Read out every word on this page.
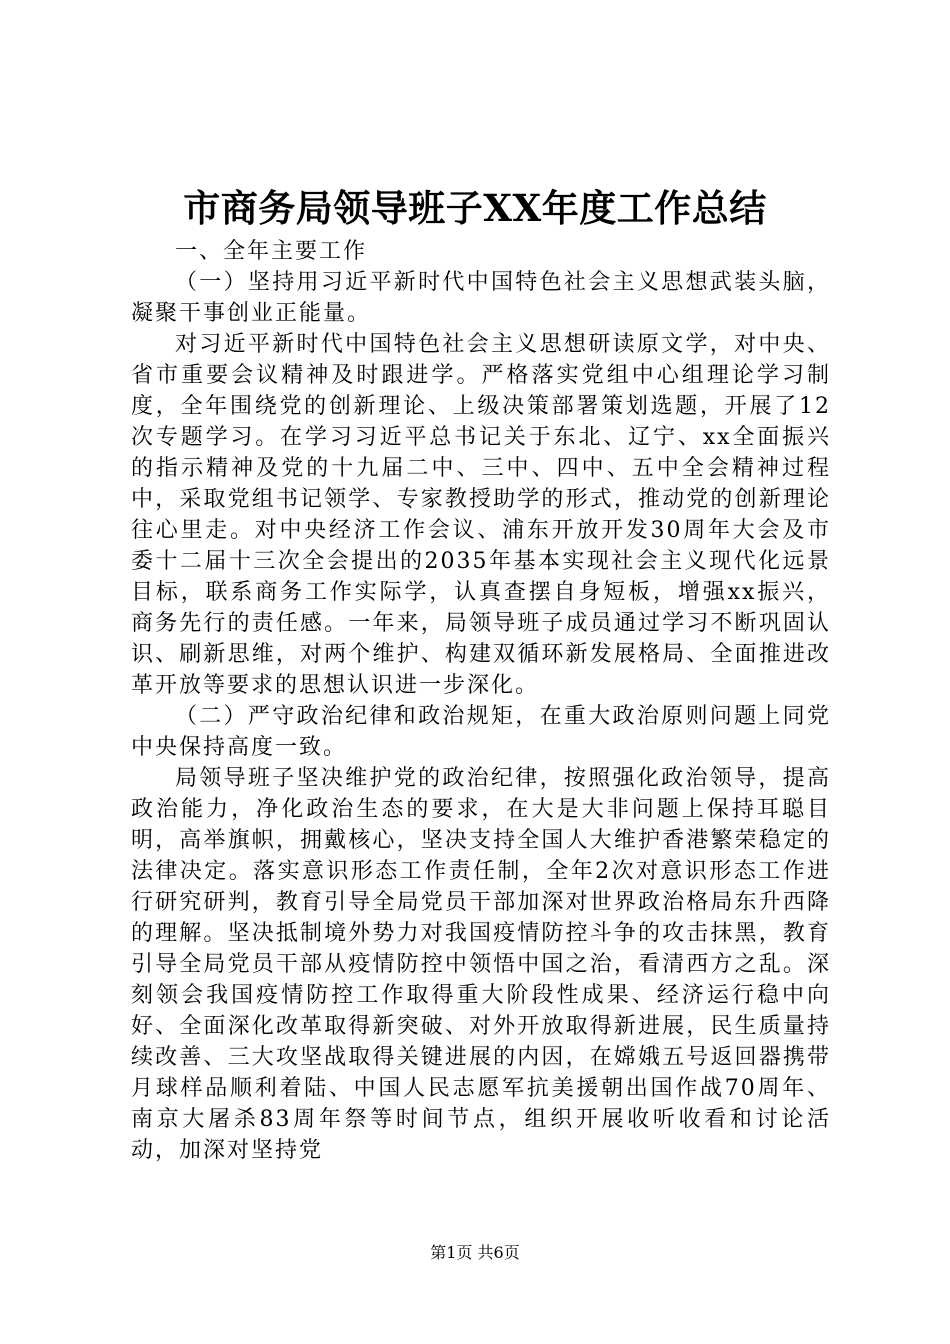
市商务局领导班子XX年度工作总结

一、全年主要工作

（一）坚持用习近平新时代中国特色社会主义思想武装头脑，凝聚干事创业正能量。

对习近平新时代中国特色社会主义思想研读原文学，对中央、省市重要会议精神及时跟进学。严格落实党组中心组理论学习制度，全年围绕党的创新理论、上级决策部署策划选题，开展了12次专题学习。在学习习近平总书记关于东北、辽宁、xx全面振兴的指示精神及党的十九届二中、三中、四中、五中全会精神过程中，采取党组书记领学、专家教授助学的形式，推动党的创新理论往心里走。对中央经济工作会议、浦东开放开发30周年大会及市委十二届十三次全会提出的2035年基本实现社会主义现代化远景目标，联系商务工作实际学，认真查摆自身短板，增强xx振兴，商务先行的责任感。一年来，局领导班子成员通过学习不断巩固认识、刷新思维，对两个维护、构建双循环新发展格局、全面推进改革开放等要求的思想认识进一步深化。

（二）严守政治纪律和政治规矩，在重大政治原则问题上同党中央保持高度一致。

局领导班子坚决维护党的政治纪律，按照强化政治领导，提高政治能力，净化政治生态的要求，在大是大非问题上保持耳聪目明，高举旗帜，拥戴核心，坚决支持全国人大维护香港繁荣稳定的法律决定。落实意识形态工作责任制，全年2次对意识形态工作进行研究研判，教育引导全局党员干部加深对世界政治格局东升西降的理解。坚决抵制境外势力对我国疫情防控斗争的攻击抹黑，教育引导全局党员干部从疫情防控中领悟中国之治，看清西方之乱。深刻领会我国疫情防控工作取得重大阶段性成果、经济运行稳中向好、全面深化改革取得新突破、对外开放取得新进展，民生质量持续改善、三大攻坚战取得关键进展的内因，在嫦娥五号返回器携带月球样品顺利着陆、中国人民志愿军抗美援朝出国作战70周年、南京大屠杀83周年祭等时间节点，组织开展收听收看和讨论活动，加深对坚持党

第1页 共6页
